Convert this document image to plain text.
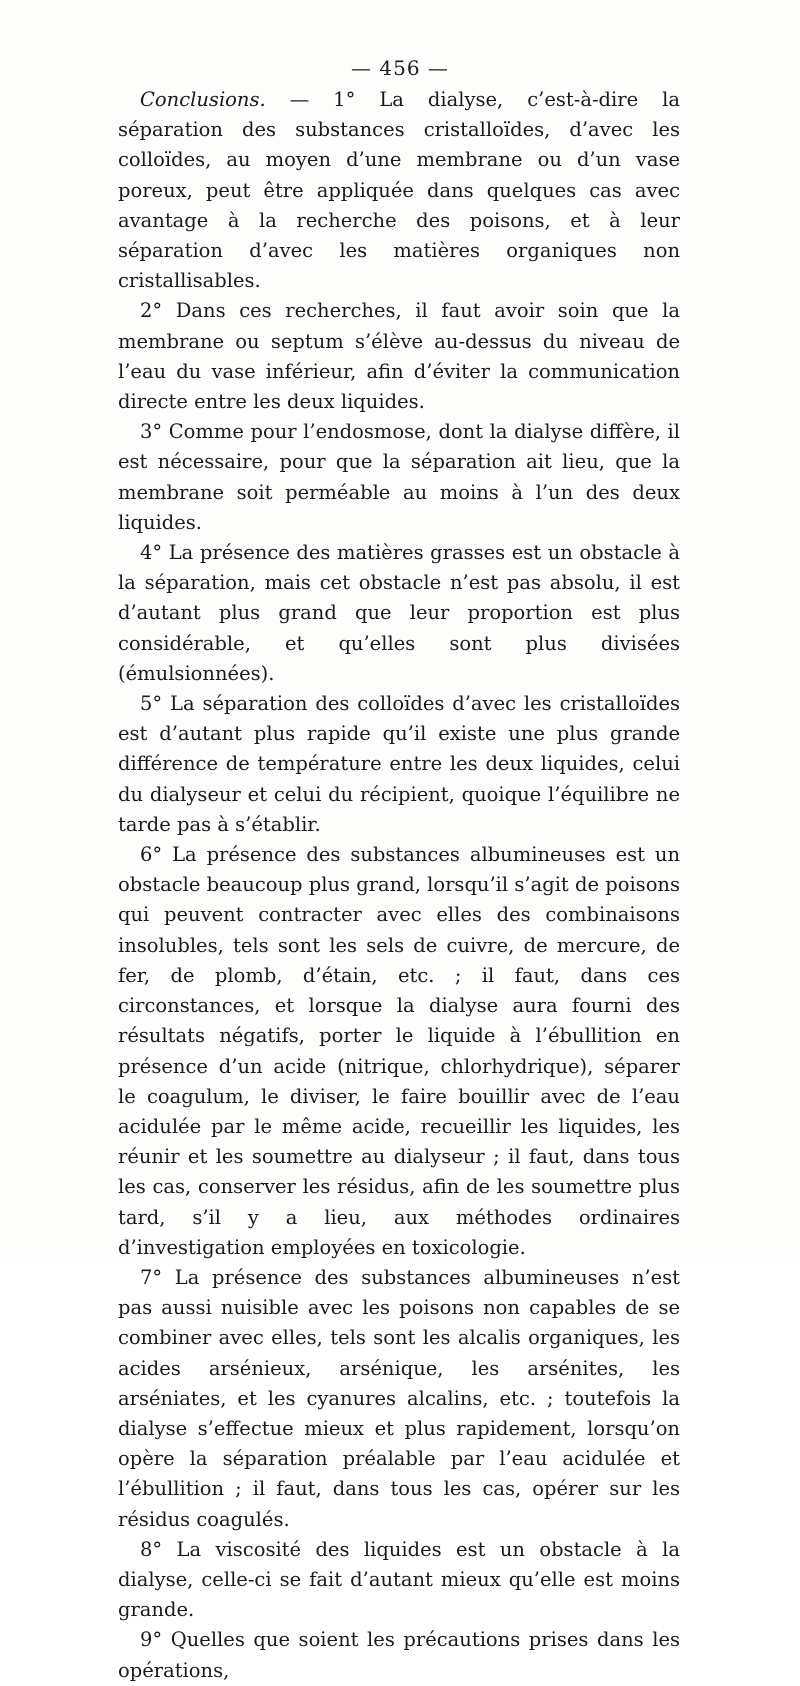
— 456 —

Conclusions. — 1° La dialyse, c’est-à-dire la séparation des substances cristalloïdes, d’avec les colloïdes, au moyen d’une membrane ou d’un vase poreux, peut être appliquée dans quelques cas avec avantage à la recherche des poisons, et à leur séparation d’avec les matières organiques non cristallisables.

2° Dans ces recherches, il faut avoir soin que la membrane ou septum s’élève au-dessus du niveau de l’eau du vase inférieur, afin d’éviter la communication directe entre les deux liquides.

3° Comme pour l’endosmose, dont la dialyse diffère, il est nécessaire, pour que la séparation ait lieu, que la membrane soit perméable au moins à l’un des deux liquides.

4° La présence des matières grasses est un obstacle à la séparation, mais cet obstacle n’est pas absolu, il est d’autant plus grand que leur proportion est plus considérable, et qu’elles sont plus divisées (émulsionnées).

5° La séparation des colloïdes d’avec les cristalloïdes est d’autant plus rapide qu’il existe une plus grande différence de température entre les deux liquides, celui du dialyseur et celui du récipient, quoique l’équilibre ne tarde pas à s’établir.

6° La présence des substances albumineuses est un obstacle beaucoup plus grand, lorsqu’il s’agit de poisons qui peuvent contracter avec elles des combinaisons insolubles, tels sont les sels de cuivre, de mercure, de fer, de plomb, d’étain, etc. ; il faut, dans ces circonstances, et lorsque la dialyse aura fourni des résultats négatifs, porter le liquide à l’ébullition en présence d’un acide (nitrique, chlorhydrique), séparer le coagulum, le diviser, le faire bouillir avec de l’eau acidulée par le même acide, recueillir les liquides, les réunir et les soumettre au dialyseur ; il faut, dans tous les cas, conserver les résidus, afin de les soumettre plus tard, s’il y a lieu, aux méthodes ordinaires d’investigation employées en toxicologie.

7° La présence des substances albumineuses n’est pas aussi nuisible avec les poisons non capables de se combiner avec elles, tels sont les alcalis organiques, les acides arsénieux, arsénique, les arsénites, les arséniates, et les cyanures alcalins, etc. ; toutefois la dialyse s’effectue mieux et plus rapidement, lorsqu’on opère la séparation préalable par l’eau acidulée et l’ébullition ; il faut, dans tous les cas, opérer sur les résidus coagulés.

8° La viscosité des liquides est un obstacle à la dialyse, celle-ci se fait d’autant mieux qu’elle est moins grande.

9° Quelles que soient les précautions prises dans les opérations,
